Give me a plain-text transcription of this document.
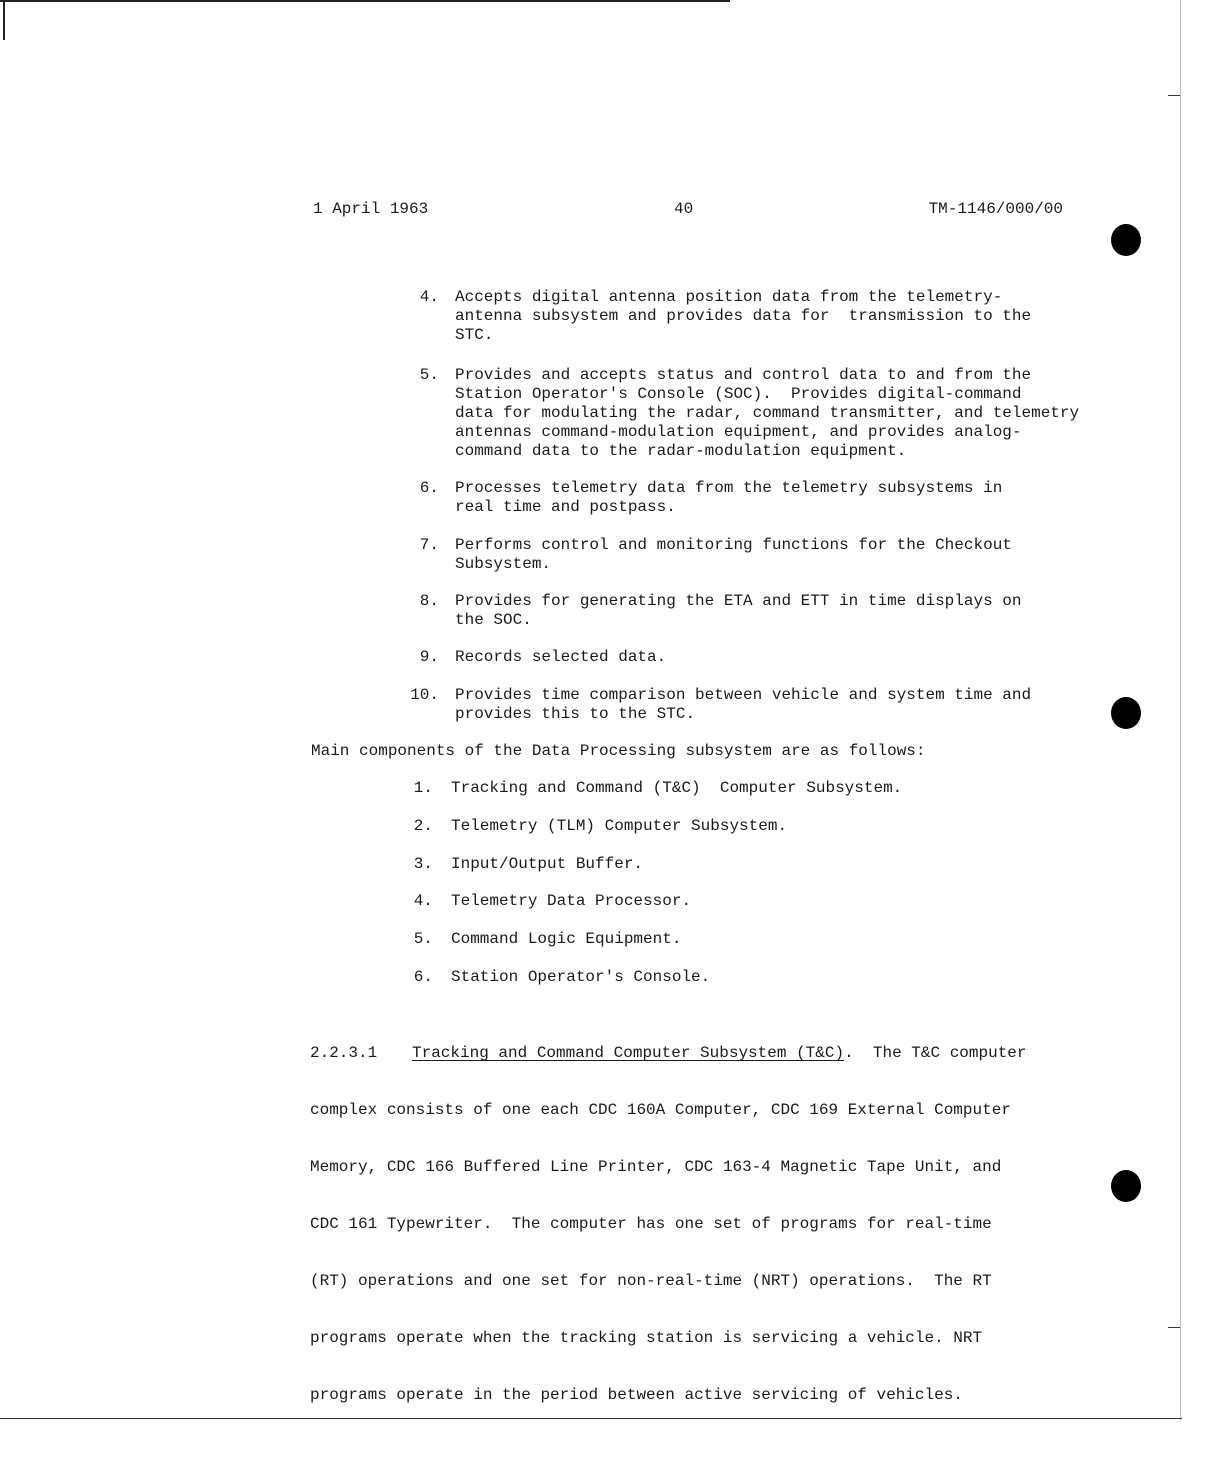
1 April 1963	40	TM-1146/000/00
4. Accepts digital antenna position data from the telemetry-
antenna subsystem and provides data for  transmission to the
STC.
5. Provides and accepts status and control data to and from the
Station Operator's Console (SOC).  Provides digital-command
data for modulating the radar, command transmitter, and telemetry
antennas command-modulation equipment, and provides analog-
command data to the radar-modulation equipment.
6. Processes telemetry data from the telemetry subsystems in
real time and postpass.
7. Performs control and monitoring functions for the Checkout
Subsystem.
8. Provides for generating the ETA and ETT in time displays on
the SOC.
9. Records selected data.
10. Provides time comparison between vehicle and system time and
provides this to the STC.
Main components of the Data Processing subsystem are as follows:
1. Tracking and Command (T&C)  Computer Subsystem.
2. Telemetry (TLM) Computer Subsystem.
3. Input/Output Buffer.
4. Telemetry Data Processor.
5. Command Logic Equipment.
6. Station Operator's Console.

2.2.3.1 Tracking and Command Computer Subsystem (T&C).  The T&C computer

complex consists of one each CDC 160A Computer, CDC 169 External Computer

Memory, CDC 166 Buffered Line Printer, CDC 163-4 Magnetic Tape Unit, and

CDC 161 Typewriter.  The computer has one set of programs for real-time

(RT) operations and one set for non-real-time (NRT) operations.  The RT

programs operate when the tracking station is servicing a vehicle. NRT

programs operate in the period between active servicing of vehicles.
